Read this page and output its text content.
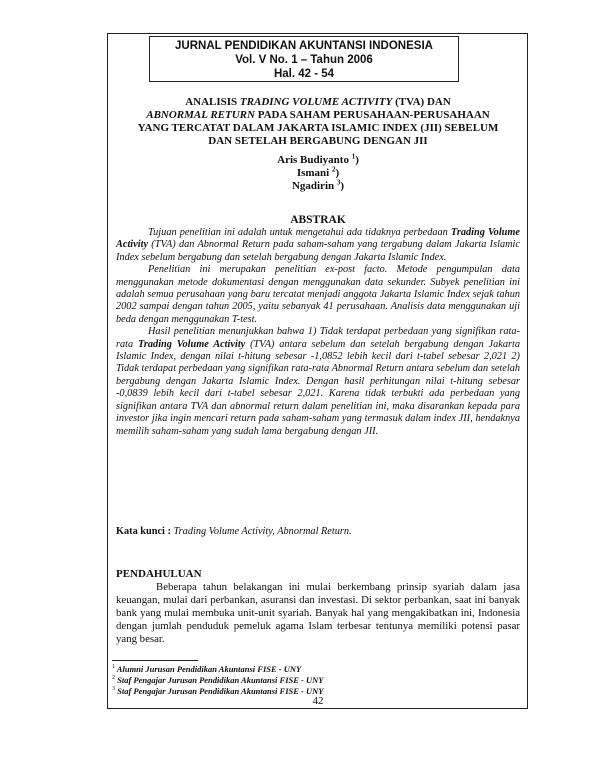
JURNAL PENDIDIKAN AKUNTANSI INDONESIA
Vol. V No. 1 – Tahun 2006
Hal. 42 - 54
ANALISIS TRADING VOLUME ACTIVITY (TVA) DAN
ABNORMAL RETURN PADA SAHAM PERUSAHAAN-PERUSAHAAN
YANG TERCATAT DALAM JAKARTA ISLAMIC INDEX (JII) SEBELUM
DAN SETELAH BERGABUNG DENGAN JII
Aris Budiyanto $^1$)
Ismani $^2$)
Ngadirin $^3$)
ABSTRAK

Tujuan penelitian ini adalah untuk mengetahui ada tidaknya perbedaan Trading Volume Activity (TVA) dan Abnormal Return pada saham-saham yang tergabung dalam Jakarta Islamic Index sebelum bergabung dan setelah bergabung dengan Jakarta Islamic Index.

Penelitian ini merupakan penelitian ex-post facto. Metode pengumpulan data menggunakan metode dokumentasi dengan menggunakan data sekunder. Subyek penelitian ini adalah semua perusahaan yang baru tercatat menjadi anggota Jakarta Islamic Index sejak tahun 2002 sampai dengan tahun 2005, yaitu sebanyak 41 perusahaan. Analisis data menggunakan uji beda dengan menggunakan T-test.

Hasil penelitian menunjukkan bahwa 1) Tidak terdapat perbedaan yang signifikan rata-rata Trading Volume Activity (TVA) antara sebelum dan setelah bergabung dengan Jakarta Islamic Index, dengan nilai t-hitung sebesar -1,0852 lebih kecil dari t-tabel sebesar 2,021 2) Tidak terdapat perbedaan yang signifikan rata-rata Abnormal Return antara sebelum dan setelah bergabung dengan Jakarta Islamic Index. Dengan hasil perhitungan nilai t-hitung sebesar -0,0839 lebih kecil dari t-tabel sebesar 2,021. Karena tidak terbukti ada perbedaan yang signifikan antara TVA dan abnormal return dalam penelitian ini, maka disarankan kepada para investor jika ingin mencari return pada saham-saham yang termasuk dalam index JII, hendaknya memilih saham-saham yang sudah lama bergabung dengan JII.

Kata kunci : Trading Volume Activity, Abnormal Return.
PENDAHULUAN

Beberapa tahun belakangan ini mulai berkembang prinsip syariah dalam jasa keuangan, mulai dari perbankan, asuransi dan investasi. Di sektor perbankan, saat ini banyak bank yang mulai membuka unit-unit syariah. Banyak hal yang mengakibatkan ini, Indonesia dengan jumlah penduduk pemeluk agama Islam terbesar tentunya memiliki potensi pasar yang besar.

$^1$ Alumni Jurusan Pendidikan Akuntansi FISE - UNY
$^2$ Staf Pengajar Jurusan Pendidikan Akuntansi FISE - UNY
$^3$ Staf Pengajar Jurusan Pendidikan Akuntansi FISE - UNY
42
